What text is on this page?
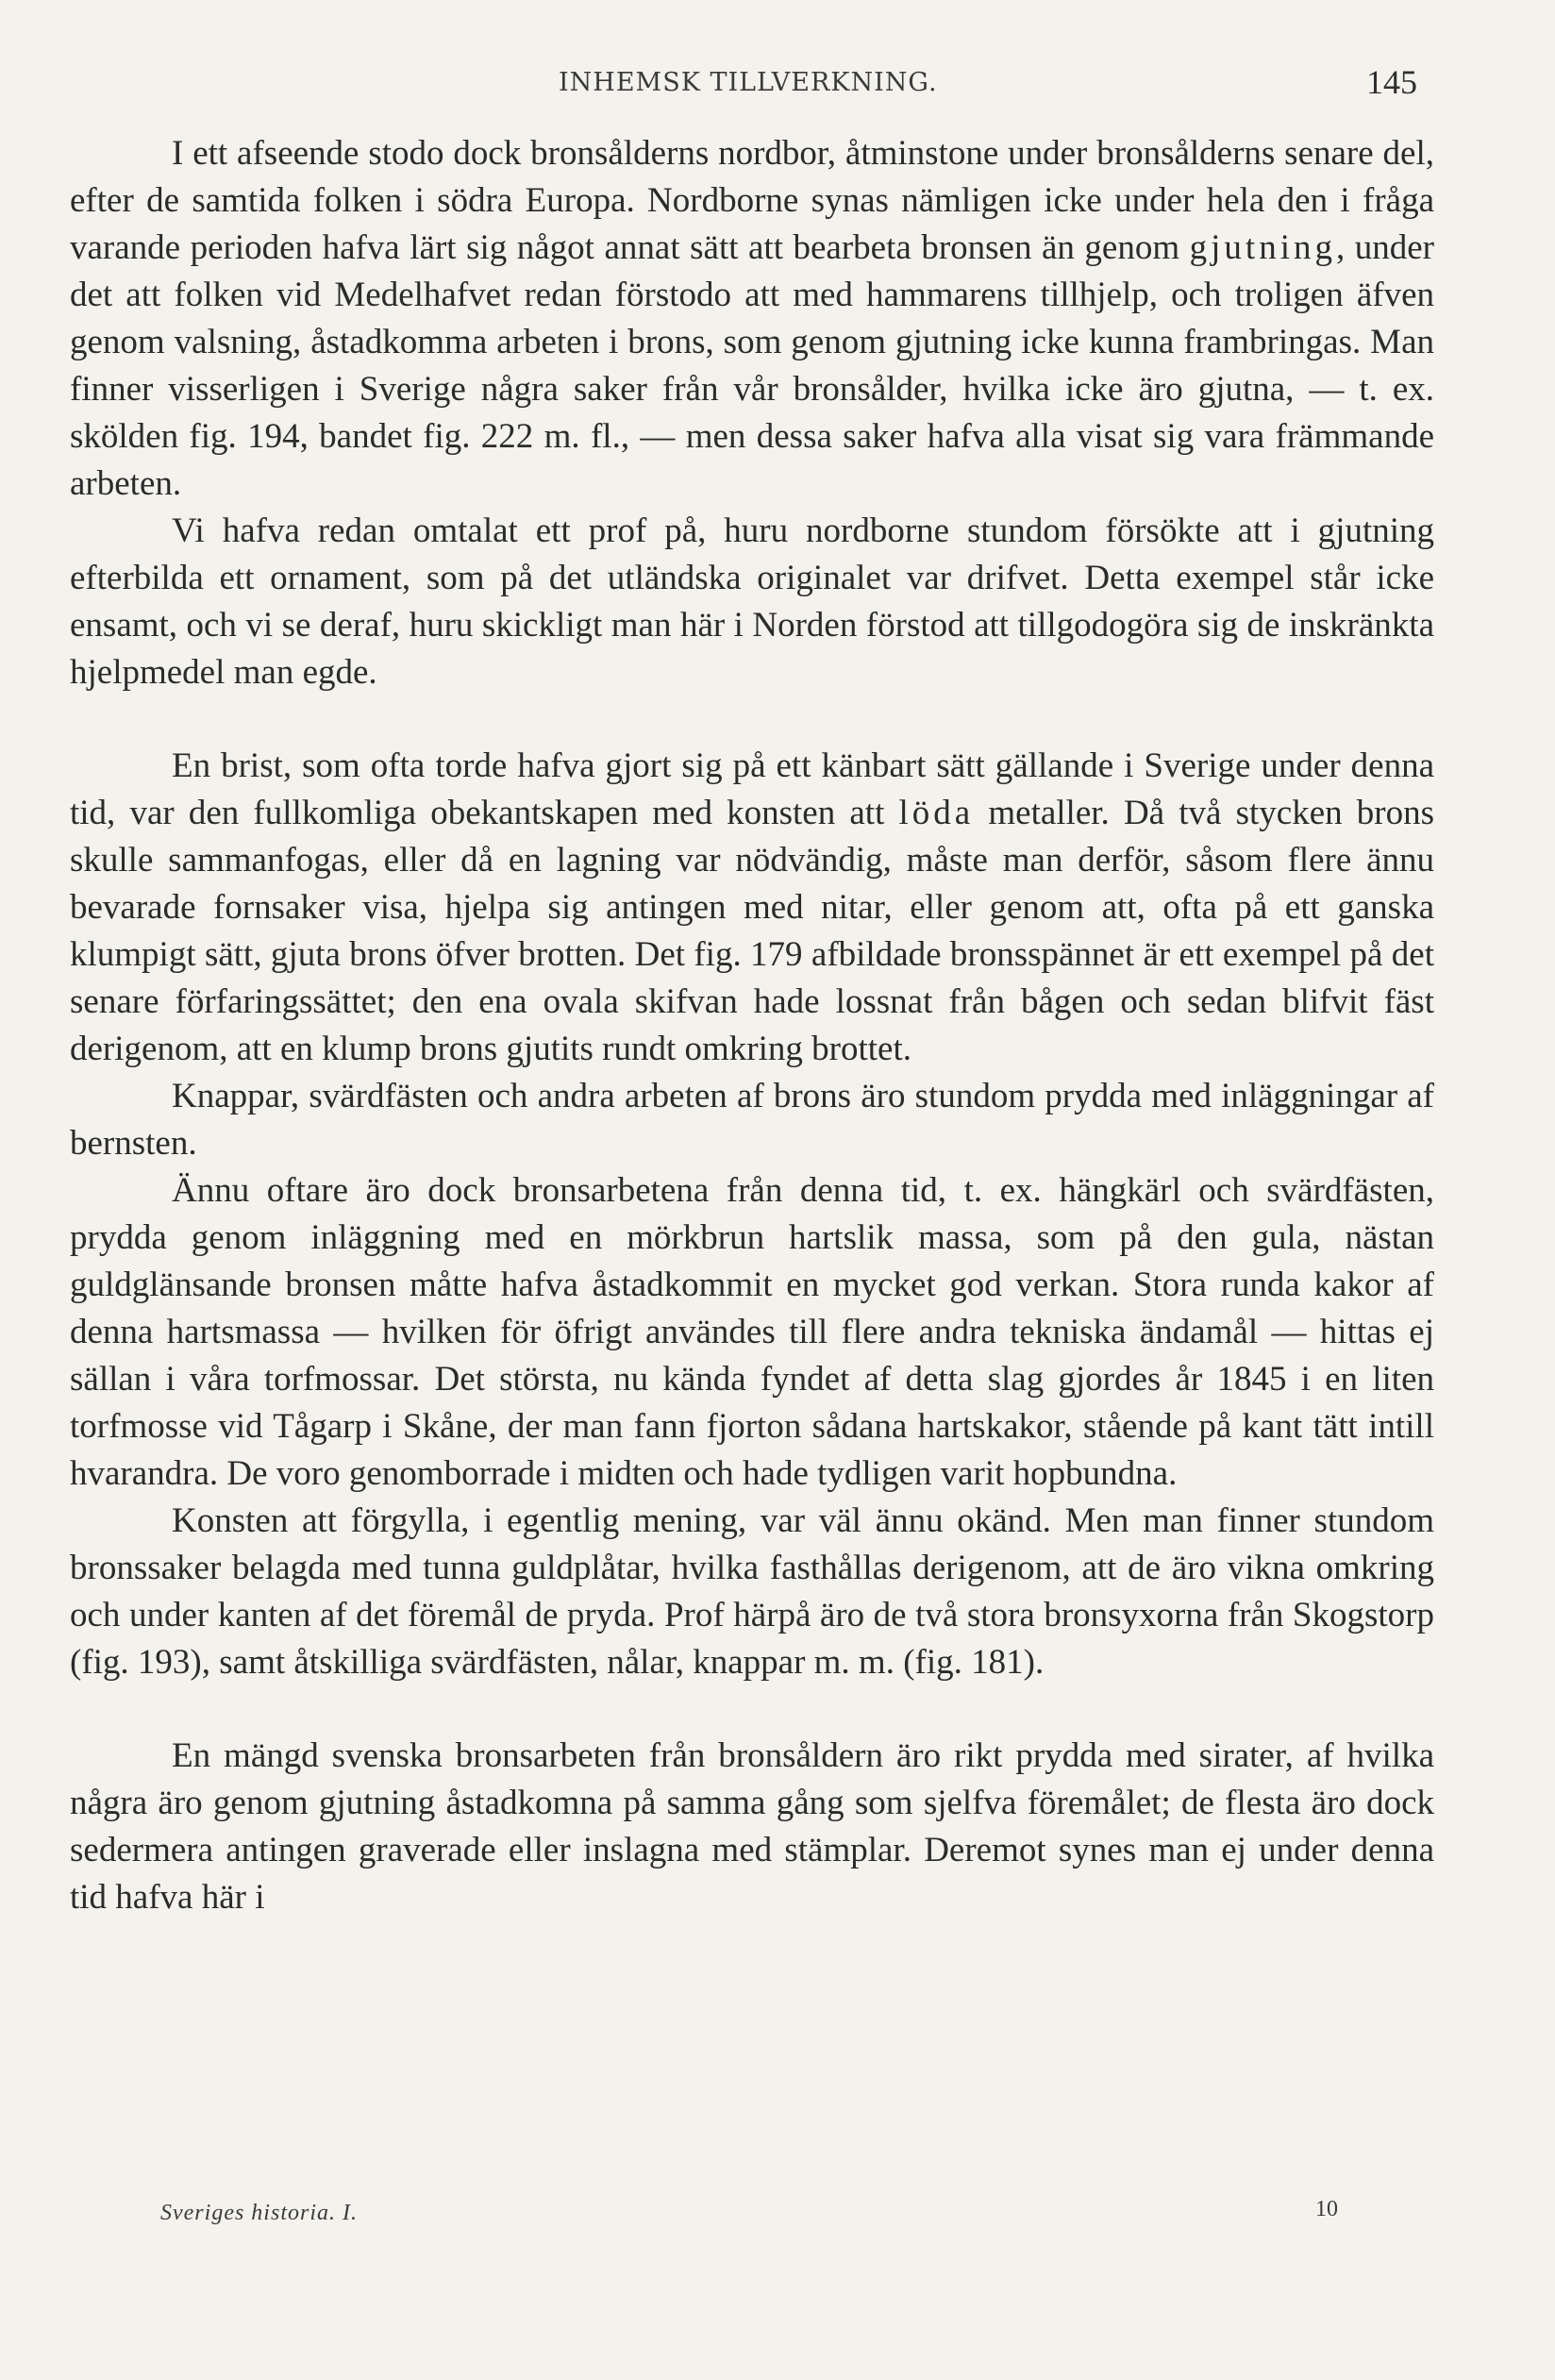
INHEMSK TILLVERKNING.	145

I ett afseende stodo dock bronsålderns nordbor, åtminstone under bronsålderns senare del, efter de samtida folken i södra Europa. Nordborne synas nämligen icke under hela den i fråga varande perioden hafva lärt sig något annat sätt att bearbeta bronsen än genom gjutning, under det att folken vid Medelhafvet redan förstodo att med hammarens tillhjelp, och troligen äfven genom valsning, åstadkomma arbeten i brons, som genom gjutning icke kunna frambringas. Man finner visserligen i Sverige några saker från vår bronsålder, hvilka icke äro gjutna, — t. ex. skölden fig. 194, bandet fig. 222 m. fl., — men dessa saker hafva alla visat sig vara främmande arbeten.

Vi hafva redan omtalat ett prof på, huru nordborne stundom försökte att i gjutning efterbilda ett ornament, som på det utländska originalet var drifvet. Detta exempel står icke ensamt, och vi se deraf, huru skickligt man här i Norden förstod att tillgodogöra sig de inskränkta hjelpmedel man egde.

En brist, som ofta torde hafva gjort sig på ett känbart sätt gällande i Sverige under denna tid, var den fullkomliga obekantskapen med konsten att löda metaller. Då två stycken brons skulle sammanfogas, eller då en lagning var nödvändig, måste man derför, såsom flere ännu bevarade fornsaker visa, hjelpa sig antingen med nitar, eller genom att, ofta på ett ganska klumpigt sätt, gjuta brons öfver brotten. Det fig. 179 afbildade bronsspännet är ett exempel på det senare förfaringssättet; den ena ovala skifvan hade lossnat från bågen och sedan blifvit fäst derigenom, att en klump brons gjutits rundt omkring brottet.

Knappar, svärdfästen och andra arbeten af brons äro stundom prydda med inläggningar af bernsten.

Ännu oftare äro dock bronsarbetena från denna tid, t. ex. hängkärl och svärdfästen, prydda genom inläggning med en mörkbrun hartslik massa, som på den gula, nästan guldglänsande bronsen måtte hafva åstadkommit en mycket god verkan. Stora runda kakor af denna hartsmassa — hvilken för öfrigt användes till flere andra tekniska ändamål — hittas ej sällan i våra torfmossar. Det största, nu kända fyndet af detta slag gjordes år 1845 i en liten torfmosse vid Tågarp i Skåne, der man fann fjorton sådana hartskakor, stående på kant tätt intill hvarandra. De voro genomborrade i midten och hade tydligen varit hopbundna.

Konsten att förgylla, i egentlig mening, var väl ännu okänd. Men man finner stundom bronssaker belagda med tunna guldplåtar, hvilka fasthållas derigenom, att de äro vikna omkring och under kanten af det föremål de pryda. Prof härpå äro de två stora bronsyxorna från Skogstorp (fig. 193), samt åtskilliga svärdfästen, nålar, knappar m. m. (fig. 181).

En mängd svenska bronsarbeten från bronsåldern äro rikt prydda med sirater, af hvilka några äro genom gjutning åstadkomna på samma gång som sjelfva föremålet; de flesta äro dock sedermera antingen graverade eller inslagna med stämplar. Deremot synes man ej under denna tid hafva här i

Sveriges historia. I.	10
